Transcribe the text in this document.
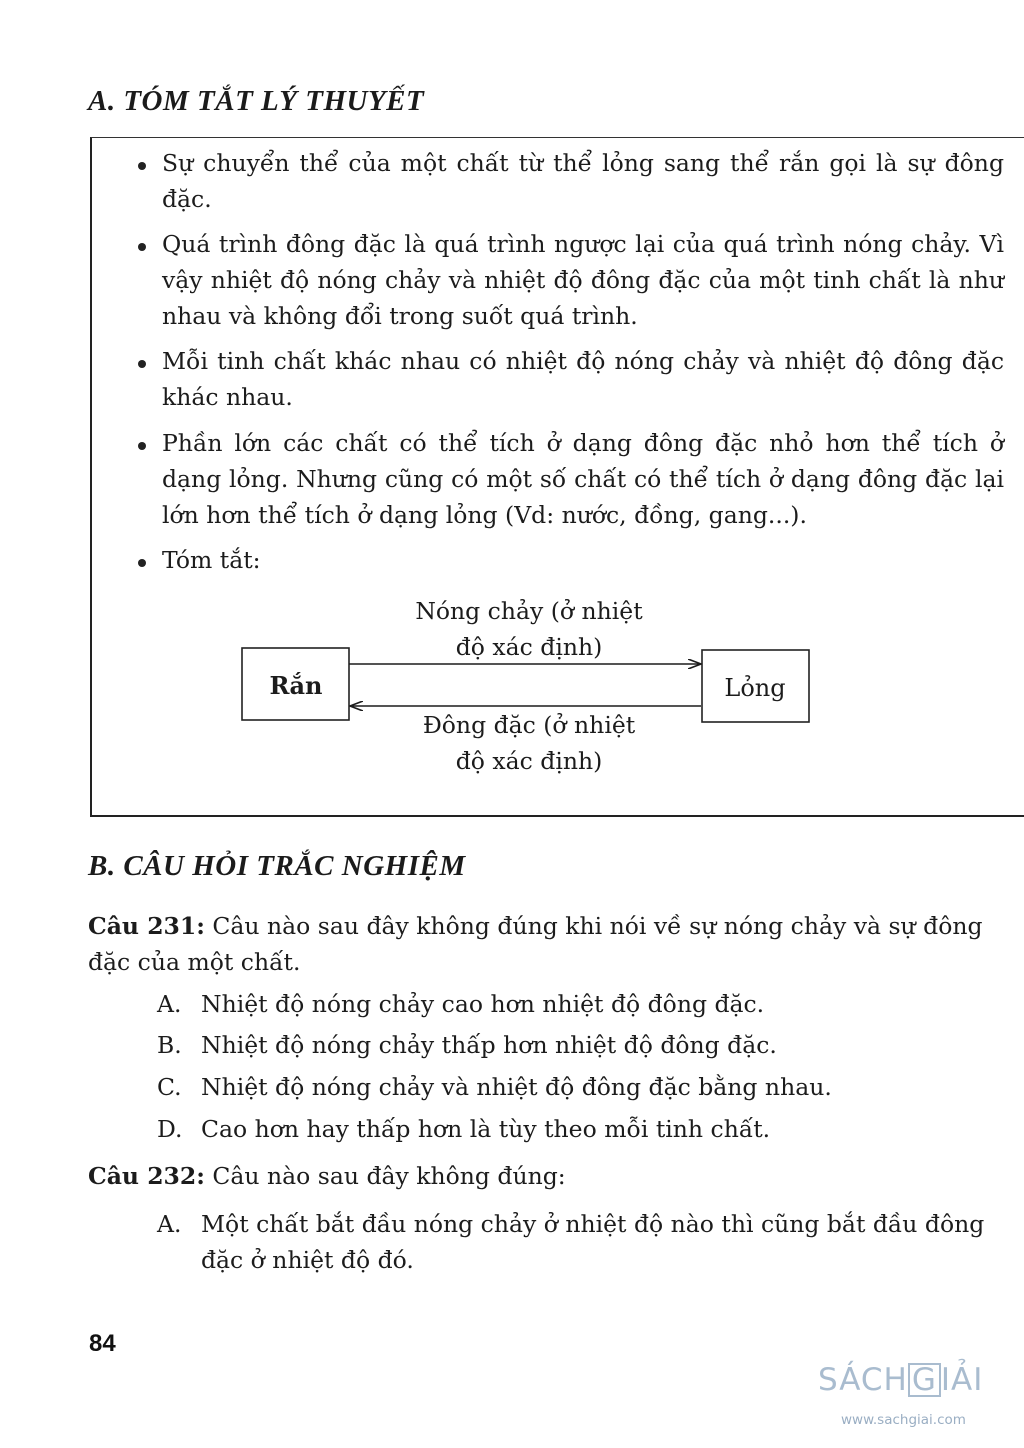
A. TÓM TẮT LÝ THUYẾT
Sự chuyển thể của một chất từ thể lỏng sang thể rắn gọi là sự đông đặc.
Quá trình đông đặc là quá trình ngược lại của quá trình nóng chảy. Vì vậy nhiệt độ nóng chảy và nhiệt độ đông đặc của một tinh chất là như nhau và không đổi trong suốt quá trình.
Mỗi tinh chất khác nhau có nhiệt độ nóng chảy và nhiệt độ đông đặc khác nhau.
Phần lớn các chất có thể tích ở dạng đông đặc nhỏ hơn thể tích ở dạng lỏng. Nhưng cũng có một số chất có thể tích ở dạng đông đặc lại lớn hơn thể tích ở dạng lỏng (Vd: nước, đồng, gang...).
Tóm tắt:
Nóng chảy (ở nhiệt
độ xác định)
Rắn	Lỏng
Đông đặc (ở nhiệt
độ xác định)
B. CÂU HỎI TRẮC NGHIỆM
Câu 231: Câu nào sau đây không đúng khi nói về sự nóng chảy và sự đông đặc của một chất.
A. Nhiệt độ nóng chảy cao hơn nhiệt độ đông đặc.
B. Nhiệt độ nóng chảy thấp hơn nhiệt độ đông đặc.
C. Nhiệt độ nóng chảy và nhiệt độ đông đặc bằng nhau.
D. Cao hơn hay thấp hơn là tùy theo mỗi tinh chất.
Câu 232: Câu nào sau đây không đúng:
A. Một chất bắt đầu nóng chảy ở nhiệt độ nào thì cũng bắt đầu đông đặc ở nhiệt độ đó.
84
SÁCH G IẢI
www.sachgiai.com
